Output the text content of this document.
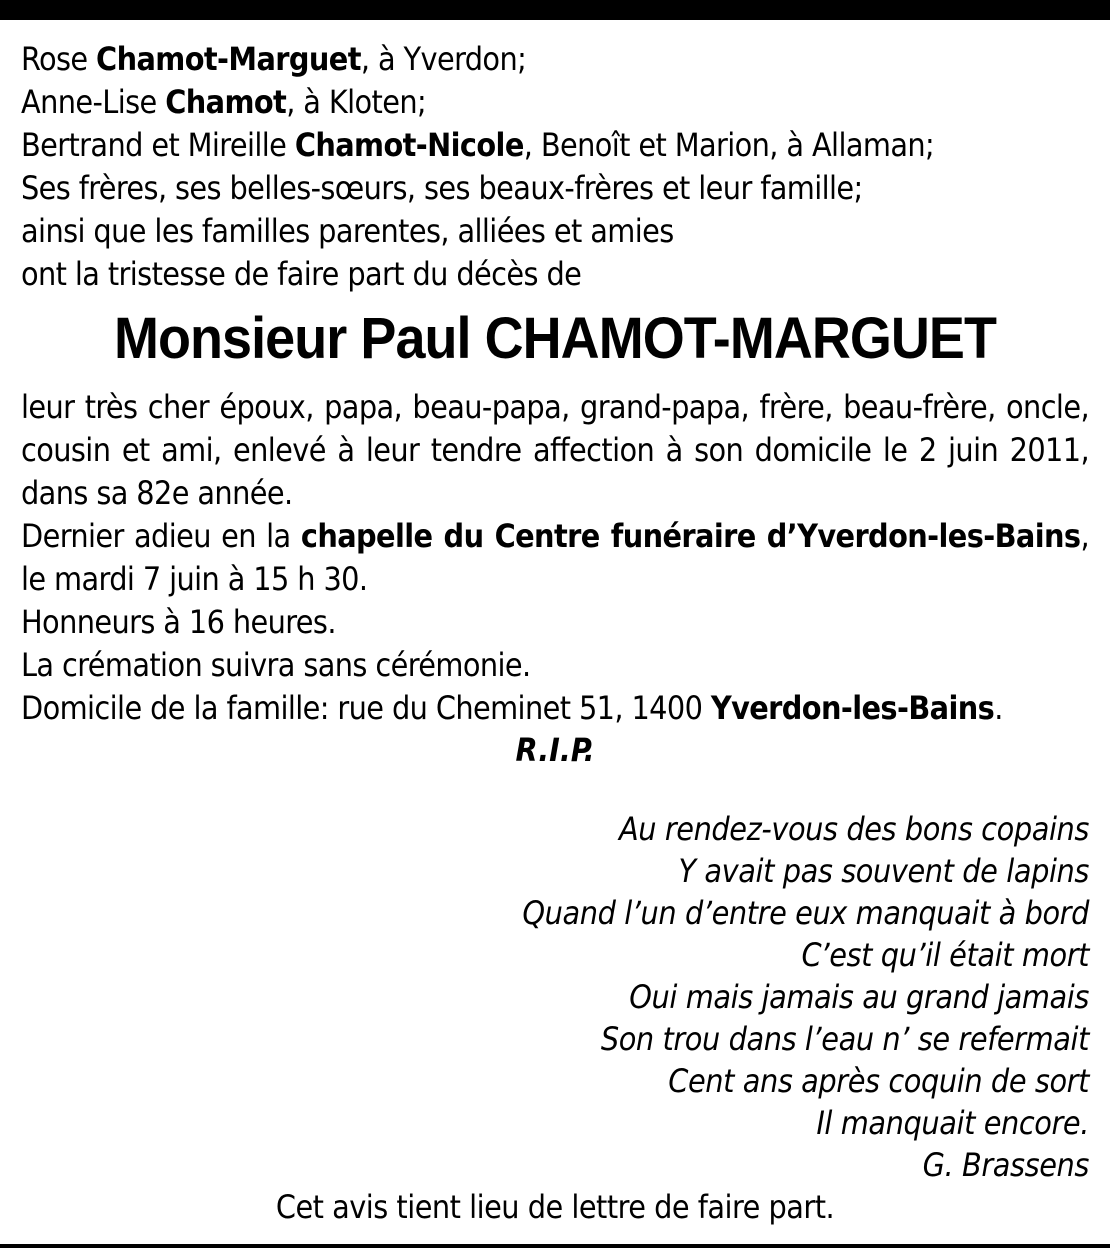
Rose Chamot-Marguet, à Yverdon;
Anne-Lise Chamot, à Kloten;
Bertrand et Mireille Chamot-Nicole, Benoît et Marion, à Allaman;
Ses frères, ses belles-sœurs, ses beaux-frères et leur famille;
ainsi que les familles parentes, alliées et amies
ont la tristesse de faire part du décès de
Monsieur Paul CHAMOT-MARGUET
leur très cher époux, papa, beau-papa, grand-papa, frère, beau-frère, oncle, cousin et ami, enlevé à leur tendre affection à son domicile le 2 juin 2011, dans sa 82e année.
Dernier adieu en la chapelle du Centre funéraire d’Yverdon-les-Bains, le mardi 7 juin à 15 h 30.
Honneurs à 16 heures.
La crémation suivra sans cérémonie.
Domicile de la famille: rue du Cheminet 51, 1400 Yverdon-les-Bains.
R.I.P.
Au rendez-vous des bons copains
Y avait pas souvent de lapins
Quand l’un d’entre eux manquait à bord
C’est qu’il était mort
Oui mais jamais au grand jamais
Son trou dans l’eau n’ se refermait
Cent ans après coquin de sort
Il manquait encore.
G. Brassens
Cet avis tient lieu de lettre de faire part.
